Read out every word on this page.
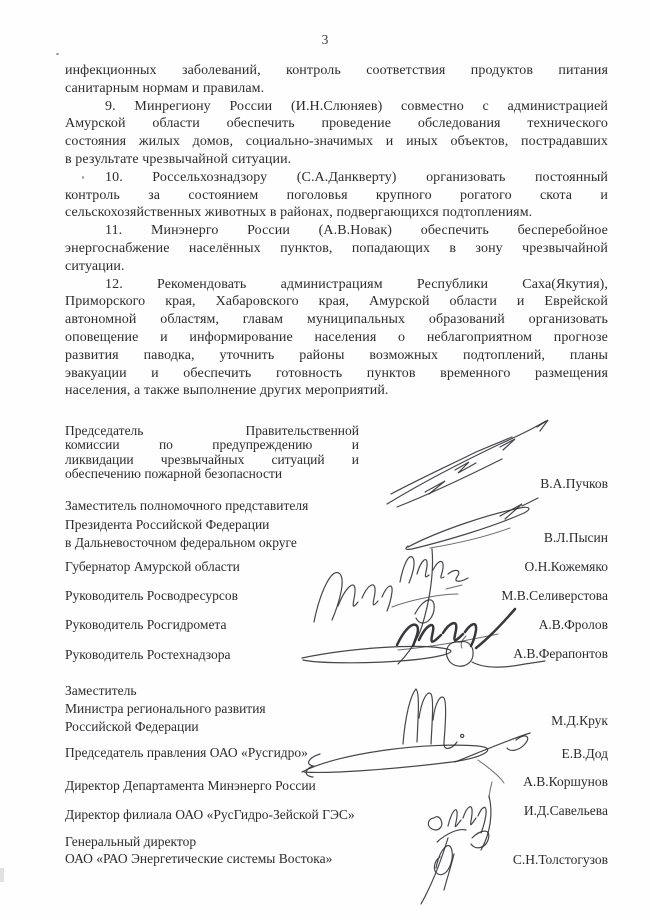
3

инфекционных заболеваний, контроль соответствия продуктов питания
санитарным нормам и правилам.

9. Минрегиону России (И.Н.Слюняев) совместно с администрацией
Амурской области обеспечить проведение обследования технического
состояния жилых домов, социально-значимых и иных объектов, пострадавших
в результате чрезвычайной ситуации.

10. Россельхознадзору (С.А.Данкверту) организовать постоянный
контроль за состоянием поголовья крупного рогатого скота и
сельскохозяйственных животных в районах, подвергающихся подтоплениям.

11. Минэнерго России (А.В.Новак) обеспечить бесперебойное
энергоснабжение населённых пунктов, попадающих в зону чрезвычайной
ситуации.

12. Рекомендовать администрациям Республики Саха(Якутия),
Приморского края, Хабаровского края, Амурской области и Еврейской
автономной областям, главам муниципальных образований организовать
оповещение и информирование населения о неблагоприятном прогнозе
развития паводка, уточнить районы возможных подтоплений, планы
эвакуации и обеспечить готовность пунктов временного размещения
населения, а также выполнение других мероприятий.

Председатель Правительственной
комиссии по предупреждению и
ликвидации чрезвычайных ситуаций и
обеспечению пожарной безопасности
Заместитель полномочного представителя
Президента Российской Федерации
в Дальневосточном федеральном округе
Губернатор Амурской области
Руководитель Росводресурсов
Руководитель Росгидромета
Руководитель Ростехнадзора
Заместитель
Министра регионального развития
Российской Федерации
Председатель правления ОАО «Русгидро»
Директор Департамента Минэнерго России
Директор филиала ОАО «РусГидро-Зейской ГЭС»
Генеральный директор
ОАО «РАО Энергетические системы Востока»
В.А.Пучков
В.Л.Пысин
О.Н.Кожемяко
М.В.Селиверстова
А.В.Фролов
А.В.Ферапонтов
М.Д.Крук
Е.В.Дод
А.В.Коршунов
И.Д.Савельева
С.Н.Толстогузов
